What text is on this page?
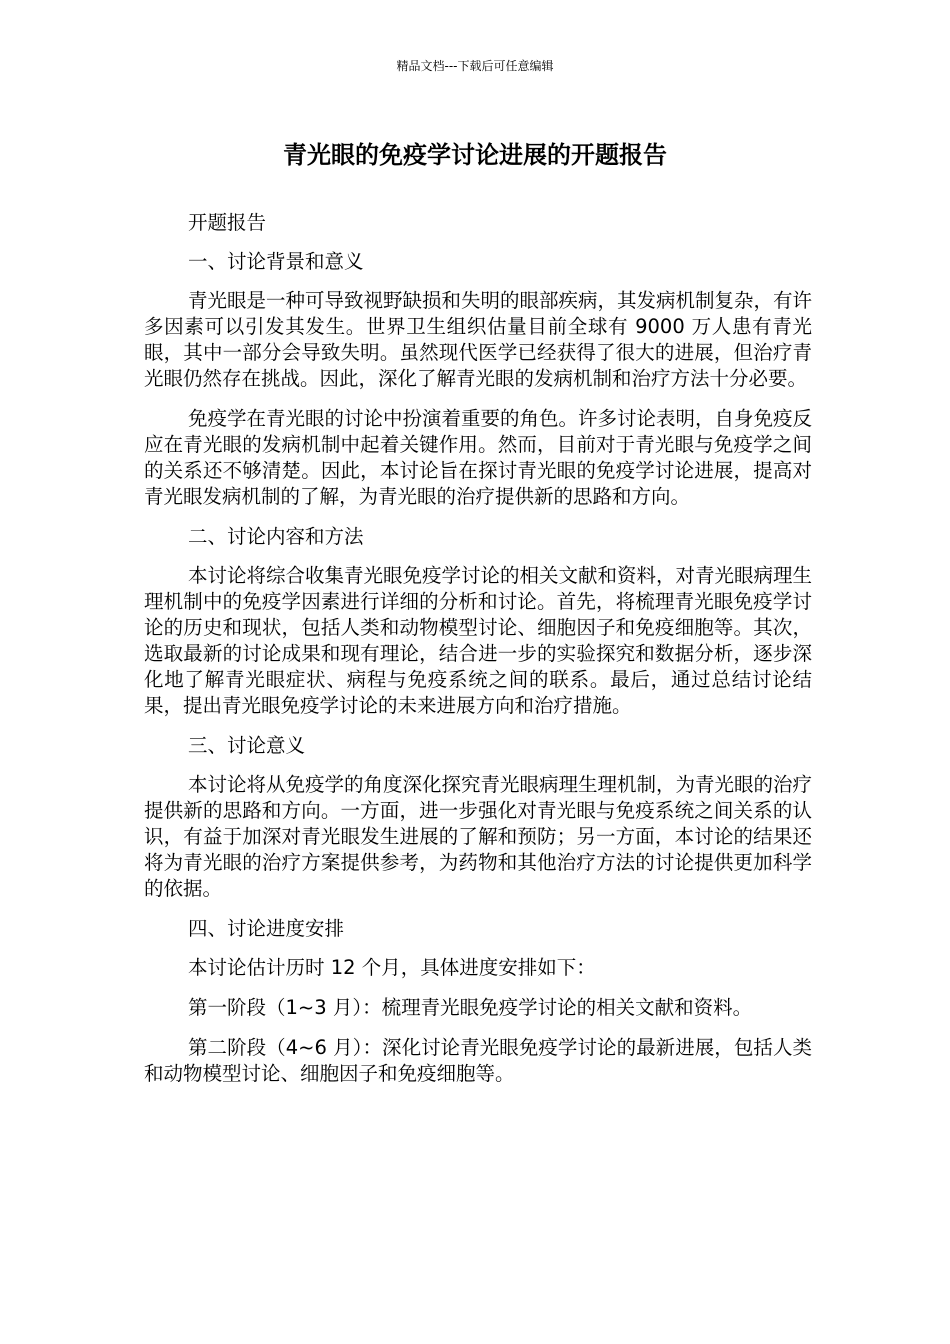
精品文档---下载后可任意编辑
青光眼的免疫学讨论进展的开题报告

开题报告

一、讨论背景和意义

青光眼是一种可导致视野缺损和失明的眼部疾病，其发病机制复杂，有许多因素可以引发其发生。世界卫生组织估量目前全球有 9000 万人患有青光眼，其中一部分会导致失明。虽然现代医学已经获得了很大的进展，但治疗青光眼仍然存在挑战。因此，深化了解青光眼的发病机制和治疗方法十分必要。

免疫学在青光眼的讨论中扮演着重要的角色。许多讨论表明，自身免疫反应在青光眼的发病机制中起着关键作用。然而，目前对于青光眼与免疫学之间的关系还不够清楚。因此，本讨论旨在探讨青光眼的免疫学讨论进展，提高对青光眼发病机制的了解，为青光眼的治疗提供新的思路和方向。

二、讨论内容和方法

本讨论将综合收集青光眼免疫学讨论的相关文献和资料，对青光眼病理生理机制中的免疫学因素进行详细的分析和讨论。首先，将梳理青光眼免疫学讨论的历史和现状，包括人类和动物模型讨论、细胞因子和免疫细胞等。其次，选取最新的讨论成果和现有理论，结合进一步的实验探究和数据分析，逐步深化地了解青光眼症状、病程与免疫系统之间的联系。最后，通过总结讨论结果，提出青光眼免疫学讨论的未来进展方向和治疗措施。

三、讨论意义

本讨论将从免疫学的角度深化探究青光眼病理生理机制，为青光眼的治疗提供新的思路和方向。一方面，进一步强化对青光眼与免疫系统之间关系的认识，有益于加深对青光眼发生进展的了解和预防；另一方面，本讨论的结果还将为青光眼的治疗方案提供参考，为药物和其他治疗方法的讨论提供更加科学的依据。

四、讨论进度安排

本讨论估计历时 12 个月，具体进度安排如下：

第一阶段（1~3 月）：梳理青光眼免疫学讨论的相关文献和资料。

第二阶段（4~6 月）：深化讨论青光眼免疫学讨论的最新进展，包括人类和动物模型讨论、细胞因子和免疫细胞等。
